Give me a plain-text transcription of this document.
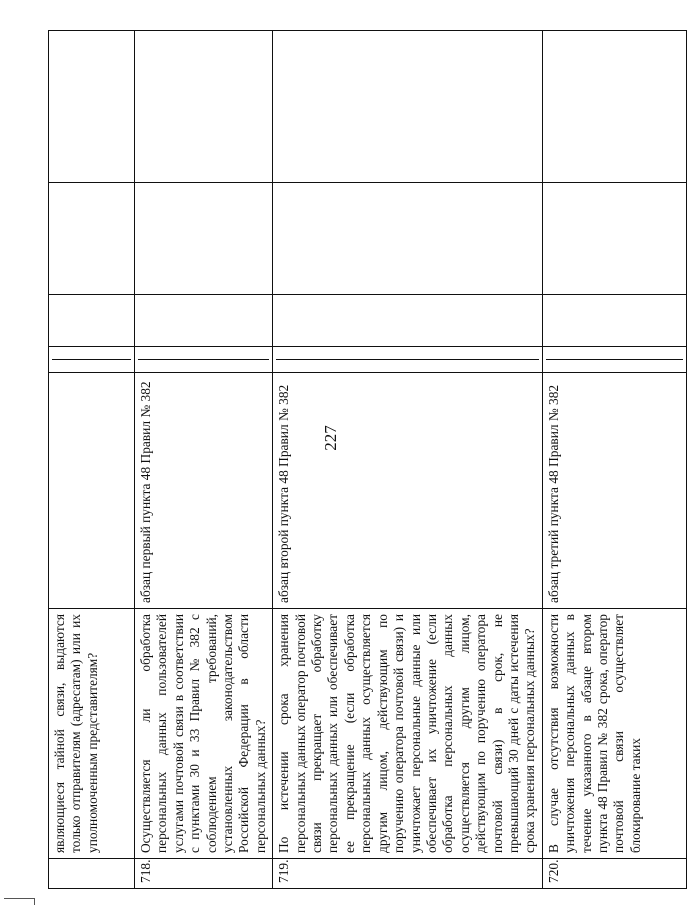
227
	являющиеся тайной связи, выдаются только отправителям (адресатам) или их уполномоченным представителям?		

718.	Осуществляется ли обработка персональных данных пользователей услугами почтовой связи в соответствии с пунктами 30 и 33 Правил № 382 с соблюдением требований, установленных законодательством Российской Федерации в области персональных данных?	абзац первый пункта 48 Правил № 382	

719.	По истечении срока хранения персональных данных оператор почтовой связи прекращает обработку персональных данных или обеспечивает ее прекращение (если обработка персональных данных осуществляется другим лицом, действующим по поручению оператора почтовой связи) и уничтожает персональные данные или обеспечивает их уничтожение (если обработка персональных данных осуществляется другим лицом, действующим по поручению оператора почтовой связи) в срок, не превышающий 30 дней с даты истечения срока хранения персональных данных?	абзац второй пункта 48 Правил № 382	

720.	В случае отсутствия возможности уничтожения персональных данных в течение указанного в абзаце втором пункта 48 Правил № 382 срока, оператор почтовой связи осуществляет блокирование таких	абзац третий пункта 48 Правил № 382	
